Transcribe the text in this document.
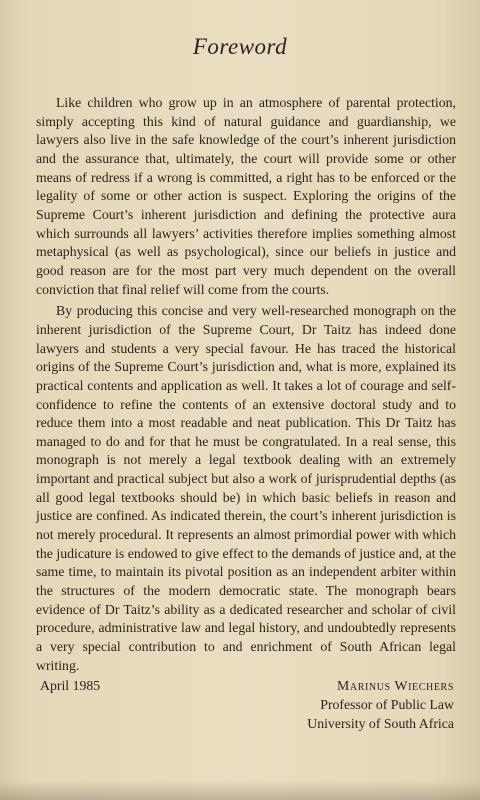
Foreword

Like children who grow up in an atmosphere of parental protection, simply accepting this kind of natural guidance and guardianship, we lawyers also live in the safe knowledge of the court’s inherent jurisdiction and the assurance that, ultimately, the court will provide some or other means of redress if a wrong is committed, a right has to be enforced or the legality of some or other action is suspect. Exploring the origins of the Supreme Court’s inherent jurisdiction and defining the protective aura which surrounds all lawyers’ activities therefore implies something almost metaphysical (as well as psychological), since our beliefs in justice and good reason are for the most part very much dependent on the overall conviction that final relief will come from the courts.

By producing this concise and very well-researched monograph on the inherent jurisdiction of the Supreme Court, Dr Taitz has indeed done lawyers and students a very special favour. He has traced the historical origins of the Supreme Court’s jurisdiction and, what is more, explained its practical contents and application as well. It takes a lot of courage and self-confidence to refine the contents of an extensive doctoral study and to reduce them into a most readable and neat publication. This Dr Taitz has managed to do and for that he must be congratulated. In a real sense, this monograph is not merely a legal textbook dealing with an extremely important and practical subject but also a work of jurisprudential depths (as all good legal textbooks should be) in which basic beliefs in reason and justice are confined. As indicated therein, the court’s inherent jurisdiction is not merely procedural. It represents an almost primordial power with which the judicature is endowed to give effect to the demands of justice and, at the same time, to maintain its pivotal position as an independent arbiter within the structures of the modern democratic state. The monograph bears evidence of Dr Taitz’s ability as a dedicated researcher and scholar of civil procedure, administrative law and legal history, and undoubtedly represents a very special contribution to and enrichment of South African legal writing.

April 1985	Marinus Wiechers
Professor of Public Law
University of South Africa
